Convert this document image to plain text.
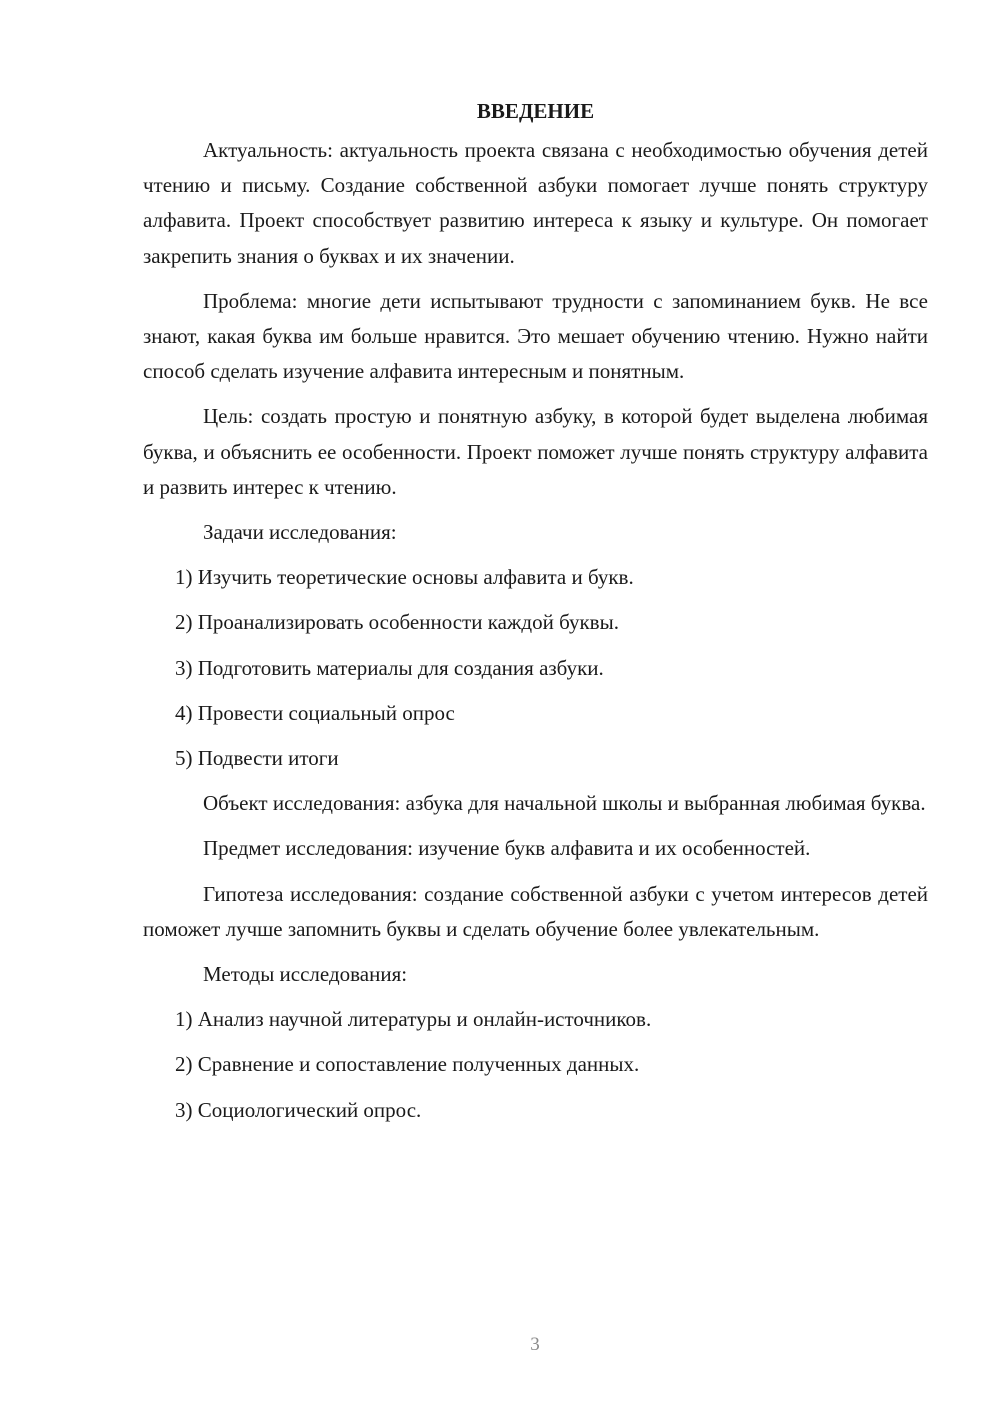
ВВЕДЕНИЕ

Актуальность: актуальность проекта связана с необходимостью обучения детей чтению и письму. Создание собственной азбуки помогает лучше понять структуру алфавита. Проект способствует развитию интереса к языку и культуре. Он помогает закрепить знания о буквах и их значении.

Проблема: многие дети испытывают трудности с запоминанием букв. Не все знают, какая буква им больше нравится. Это мешает обучению чтению. Нужно найти способ сделать изучение алфавита интересным и понятным.

Цель: создать простую и понятную азбуку, в которой будет выделена любимая буква, и объяснить ее особенности. Проект поможет лучше понять структуру алфавита и развить интерес к чтению.

Задачи исследования:
1) Изучить теоретические основы алфавита и букв.
2) Проанализировать особенности каждой буквы.
3) Подготовить материалы для создания азбуки.
4) Провести социальный опрос
5) Подвести итоги

Объект исследования: азбука для начальной школы и выбранная любимая буква.

Предмет исследования: изучение букв алфавита и их особенностей.

Гипотеза исследования: создание собственной азбуки с учетом интересов детей поможет лучше запомнить буквы и сделать обучение более увлекательным.

Методы исследования:
1) Анализ научной литературы и онлайн-источников.
2) Сравнение и сопоставление полученных данных.
3) Социологический опрос.
3
